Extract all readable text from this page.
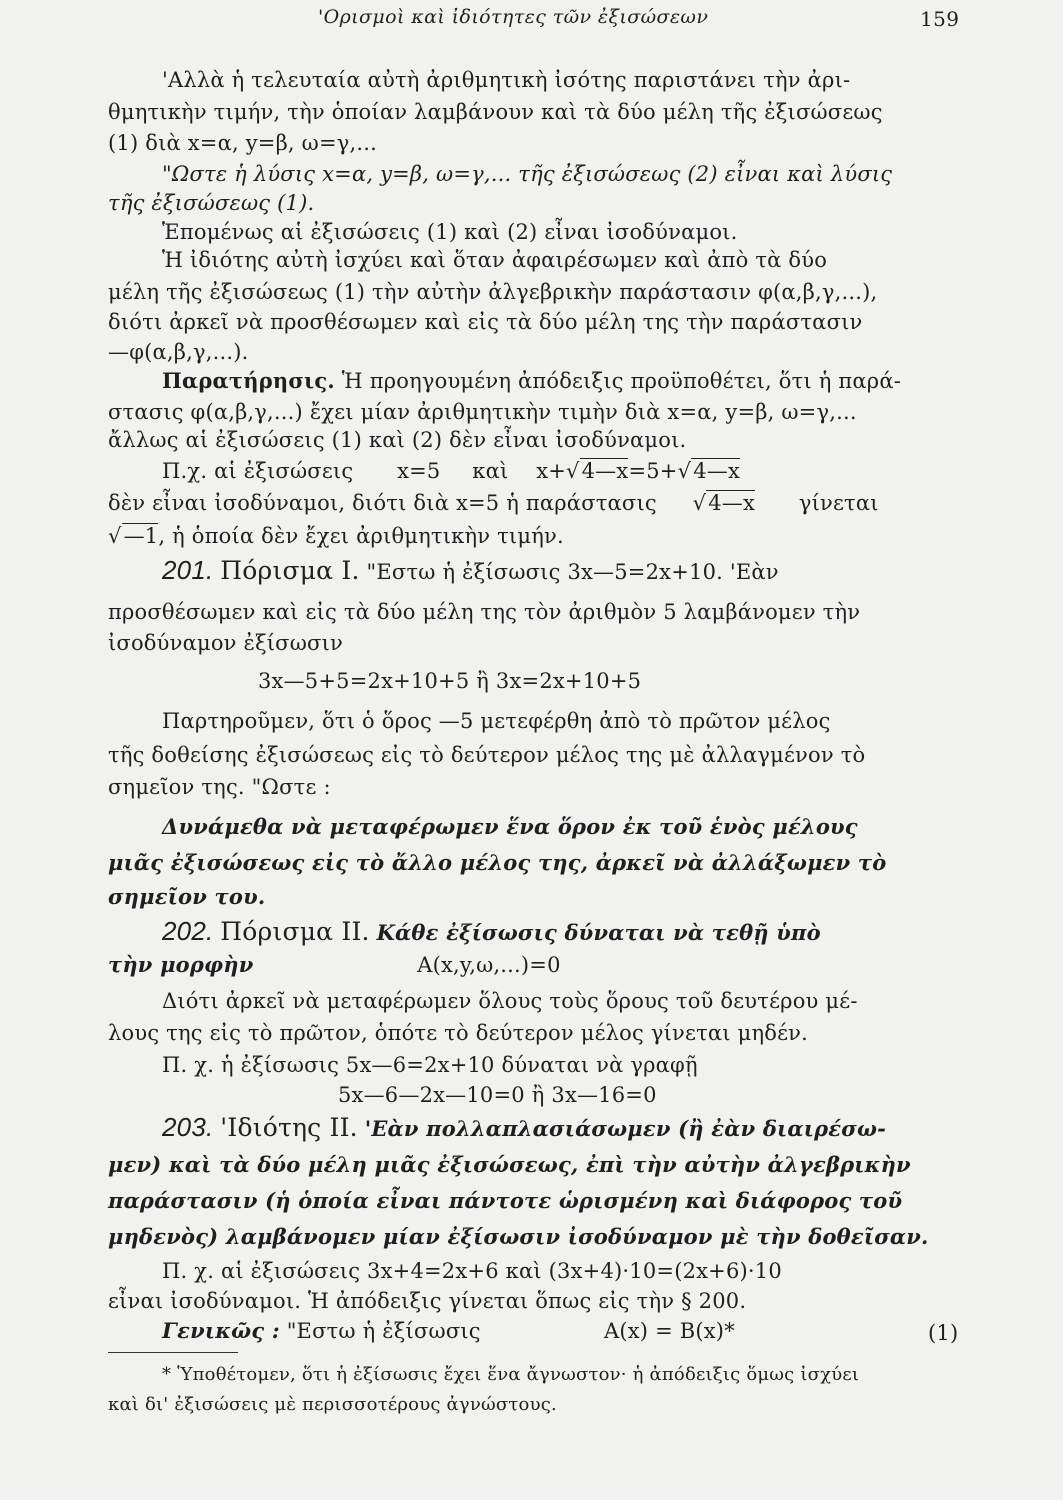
'Ορισμοὶ καὶ ἰδιότητες τῶν ἐξισώσεων	159
'Αλλὰ ἡ τελευταία αὐτὴ ἀριθμητικὴ ἰσότης παριστάνει τὴν ἀρι-
θμητικὴν τιμήν, τὴν ὁποίαν λαμβάνουν καὶ τὰ δύο μέλη τῆς ἐξισώσεως
(1) διὰ x=α, y=β, ω=γ,...
"Ωστε ἡ λύσις x=α, y=β, ω=γ,... τῆς ἐξισώσεως (2) εἶναι καὶ λύσις
τῆς ἐξισώσεως (1).
Ἑπομένως αἱ ἐξισώσεις (1) καὶ (2) εἶναι ἰσοδύναμοι.
Ἡ ἰδιότης αὐτὴ ἰσχύει καὶ ὅταν ἀφαιρέσωμεν καὶ ἀπὸ τὰ δύο
μέλη τῆς ἐξισώσεως (1) τὴν αὐτὴν ἀλγεβρικὴν παράστασιν φ(α,β,γ,...),
διότι ἀρκεῖ νὰ προσθέσωμεν καὶ εἰς τὰ δύο μέλη της τὴν παράστασιν
—φ(α,β,γ,...).
Παρατήρησις. Ἡ προηγουμένη ἀπόδειξις προϋποθέτει, ὅτι ἡ παρά-
στασις φ(α,β,γ,...) ἔχει μίαν ἀριθμητικὴν τιμὴν διὰ x=α, y=β, ω=γ,...
ἄλλως αἱ ἐξισώσεις (1) καὶ (2) δὲν εἶναι ἰσοδύναμοι.
Π.χ. αἱ ἐξισώσεις x=5 καὶ x+√4—x=5+√4—x
δὲν εἶναι ἰσοδύναμοι, διότι διὰ x=5 ἡ παράστασις √4—x γίνεται
√—1, ἡ ὁποία δὲν ἔχει ἀριθμητικὴν τιμήν.
201. Πόρισμα I. "Εστω ἡ ἐξίσωσις 3x—5=2x+10. 'Εὰν
προσθέσωμεν καὶ εἰς τὰ δύο μέλη της τὸν ἀριθμὸν 5 λαμβάνομεν τὴν
ἰσοδύναμον ἐξίσωσιν
3x—5+5=2x+10+5 ἢ 3x=2x+10+5
Παρτηροῦμεν, ὅτι ὁ ὅρος —5 μετεφέρθη ἀπὸ τὸ πρῶτον μέλος
τῆς δοθείσης ἐξισώσεως εἰς τὸ δεύτερον μέλος της μὲ ἀλλαγμένον τὸ
σημεῖον της. "Ωστε :
Δυνάμεθα νὰ μεταφέρωμεν ἕνα ὅρον ἐκ τοῦ ἑνὸς μέλους
μιᾶς ἐξισώσεως εἰς τὸ ἄλλο μέλος της, ἀρκεῖ νὰ ἀλλάξωμεν τὸ
σημεῖον του.
202. Πόρισμα II. Κάθε ἐξίσωσις δύναται νὰ τεθῇ ὑπὸ
τὴν μορφὴν	A(x,y,ω,...)=0
Διότι ἀρκεῖ νὰ μεταφέρωμεν ὅλους τοὺς ὅρους τοῦ δευτέρου μέ-
λους της εἰς τὸ πρῶτον, ὁπότε τὸ δεύτερον μέλος γίνεται μηδέν.
Π. χ. ἡ ἐξίσωσις 5x—6=2x+10 δύναται νὰ γραφῇ
5x—6—2x—10=0 ἢ 3x—16=0
203. 'Ιδιότης II. 'Εὰν πολλαπλασιάσωμεν (ἢ ἐὰν διαιρέσω-
μεν) καὶ τὰ δύο μέλη μιᾶς ἐξισώσεως, ἐπὶ τὴν αὐτὴν ἀλγεβρικὴν
παράστασιν (ἡ ὁποία εἶναι πάντοτε ὡρισμένη καὶ διάφορος τοῦ
μηδενὸς) λαμβάνομεν μίαν ἐξίσωσιν ἰσοδύναμον μὲ τὴν δοθεῖσαν.
Π. χ. αἱ ἐξισώσεις 3x+4=2x+6 καὶ (3x+4)·10=(2x+6)·10
εἶναι ἰσοδύναμοι. Ἡ ἀπόδειξις γίνεται ὅπως εἰς τὴν § 200.
Γενικῶς : "Εστω ἡ ἐξίσωσις	A(x) = B(x)*	(1)
* Ὑποθέτομεν, ὅτι ἡ ἐξίσωσις ἔχει ἕνα ἄγνωστον· ἡ ἀπόδειξις ὅμως ἰσχύει
καὶ δι' ἐξισώσεις μὲ περισσοτέρους ἀγνώστους.
